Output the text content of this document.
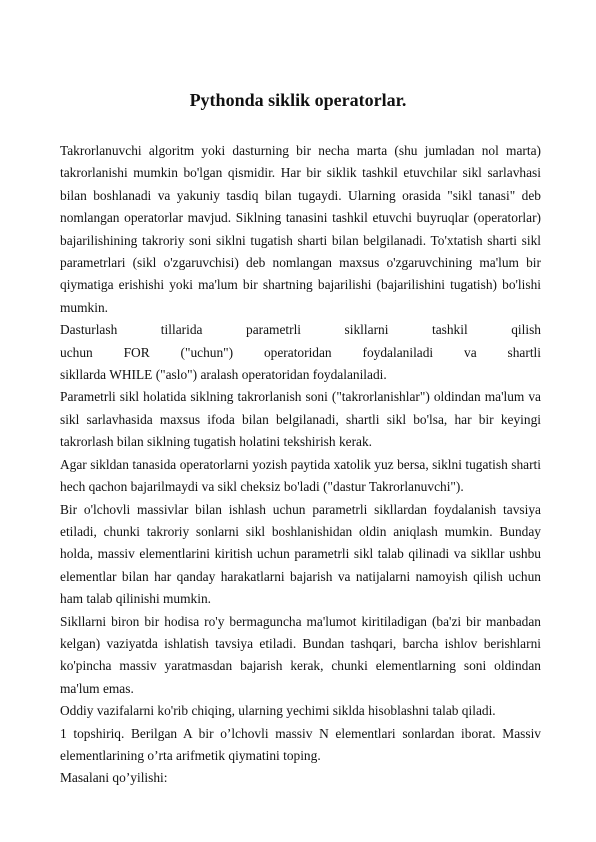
Pythonda siklik operatorlar.

Takrorlanuvchi algoritm yoki dasturning bir necha marta (shu jumladan nol marta) takrorlanishi mumkin bo'lgan qismidir. Har bir siklik tashkil etuvchilar sikl sarlavhasi bilan boshlanadi va yakuniy tasdiq bilan tugaydi. Ularning orasida "sikl tanasi" deb nomlangan operatorlar mavjud. Siklning tanasini tashkil etuvchi buyruqlar (operatorlar) bajarilishining takroriy soni siklni tugatish sharti bilan belgilanadi. To'xtatish sharti sikl parametrlari (sikl o'zgaruvchisi) deb nomlangan maxsus o'zgaruvchining ma'lum bir qiymatiga erishishi yoki ma'lum bir shartning bajarilishi (bajarilishini tugatish) bo'lishi mumkin.

Dasturlash tillarida parametrli sikllarni tashkil qilish

uchun FOR ("uchun") operatoridan foydalaniladi va shartli

sikllarda WHILE ("aslo") aralash operatoridan foydalaniladi.

Parametrli sikl holatida siklning takrorlanish soni ("takrorlanishlar") oldindan ma'lum va sikl sarlavhasida maxsus ifoda bilan belgilanadi, shartli sikl bo'lsa, har bir keyingi takrorlash bilan siklning tugatish holatini tekshirish kerak.

Agar sikldan tanasida operatorlarni yozish paytida xatolik yuz bersa, siklni tugatish sharti hech qachon bajarilmaydi va sikl cheksiz bo'ladi ("dastur Takrorlanuvchi").

Bir o'lchovli massivlar bilan ishlash uchun parametrli sikllardan foydalanish tavsiya etiladi, chunki takroriy sonlarni sikl boshlanishidan oldin aniqlash mumkin. Bunday holda, massiv elementlarini kiritish uchun parametrli sikl talab qilinadi va sikllar ushbu elementlar bilan har qanday harakatlarni bajarish va natijalarni namoyish qilish uchun ham talab qilinishi mumkin.

Sikllarni biron bir hodisa ro'y bermaguncha ma'lumot kiritiladigan (ba'zi bir manbadan kelgan) vaziyatda ishlatish tavsiya etiladi. Bundan tashqari, barcha ishlov berishlarni ko'pincha massiv yaratmasdan bajarish kerak, chunki elementlarning soni oldindan ma'lum emas.

Oddiy vazifalarni ko'rib chiqing, ularning yechimi siklda hisoblashni talab qiladi.

1 topshiriq. Berilgan A bir o’lchovli massiv N elementlari sonlardan iborat. Massiv elementlarining o’rta arifmetik qiymatini toping.

Masalani qo’yilishi:
